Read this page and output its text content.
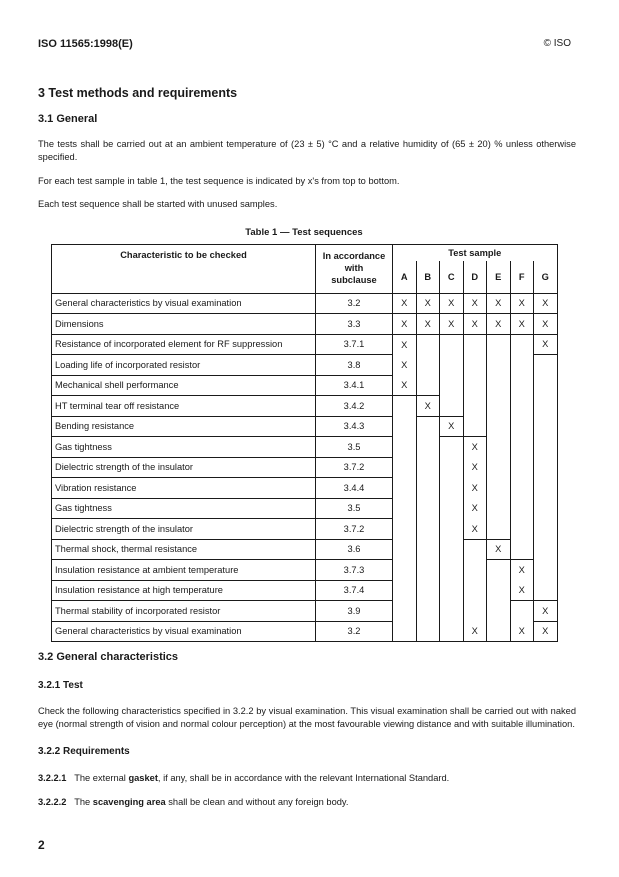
ISO 11565:1998(E)	© ISO
3 Test methods and requirements
3.1 General
The tests shall be carried out at an ambient temperature of (23 ± 5) °C and a relative humidity of (65 ± 20) % unless otherwise specified.
For each test sample in table 1, the test sequence is indicated by x's from top to bottom.
Each test sequence shall be started with unused samples.
Table 1 — Test sequences
Characteristic to be checked	In accordance
with
subclause	Test sample						
		A	B	C	D	E	F	G
General characteristics by visual examination	3.2	X	X	X	X	X	X	X
Dimensions	3.3	X	X	X	X	X	X	X
Resistance of incorporated element for RF suppression	3.7.1	X						X
Loading life of incorporated resistor	3.8	X						
Mechanical shell performance	3.4.1	X						
HT terminal tear off resistance	3.4.2		X					
Bending resistance	3.4.3			X				
Gas tightness	3.5				X			
Dielectric strength of the insulator	3.7.2				X			
Vibration resistance	3.4.4				X			
Gas tightness	3.5				X			
Dielectric strength of the insulator	3.7.2				X			
Thermal shock, thermal resistance	3.6					X		
Insulation resistance at ambient temperature	3.7.3						X	
Insulation resistance at high temperature	3.7.4						X	
Thermal stability of incorporated resistor	3.9							X
General characteristics by visual examination	3.2				X		X	X
3.2 General characteristics
3.2.1 Test
Check the following characteristics specified in 3.2.2 by visual examination. This visual examination shall be carried out with naked eye (normal strength of vision and normal colour perception) at the most favourable viewing distance and with suitable illumination.
3.2.2 Requirements
3.2.2.1 The external gasket, if any, shall be in accordance with the relevant International Standard.
3.2.2.2 The scavenging area shall be clean and without any foreign body.
2
